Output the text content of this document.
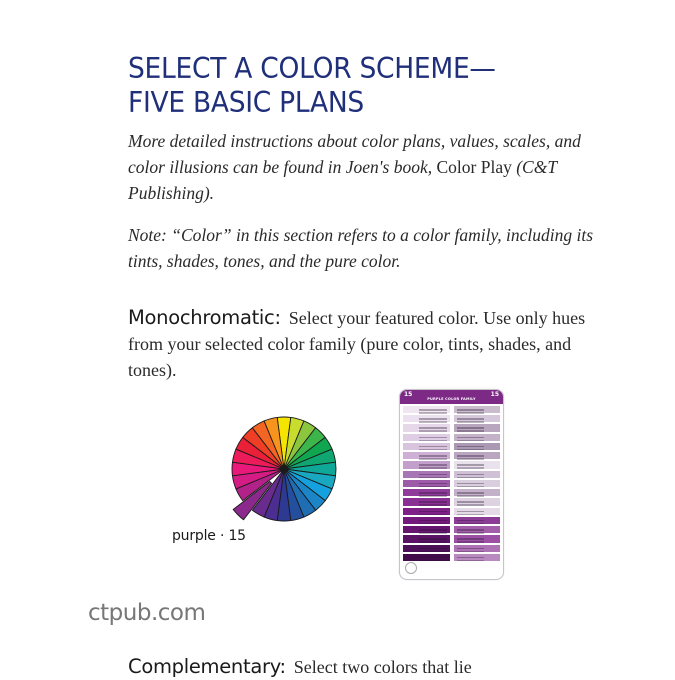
SELECT A COLOR SCHEME—
FIVE BASIC PLANS

More detailed instructions about color plans, values, scales, and color illusions can be found in Joen's book, Color Play (C&T Publishing).

Note: “Color” in this section refers to a color family, including its tints, shades, tones, and the pure color.

Monochromatic: Select your featured color. Use only hues from your selected color family (pure color, tints, shades, and tones).

purple · 15
15
PURPLE COLOR FAMILY
15
ctpub.com

Complementary: Select two colors that lie
